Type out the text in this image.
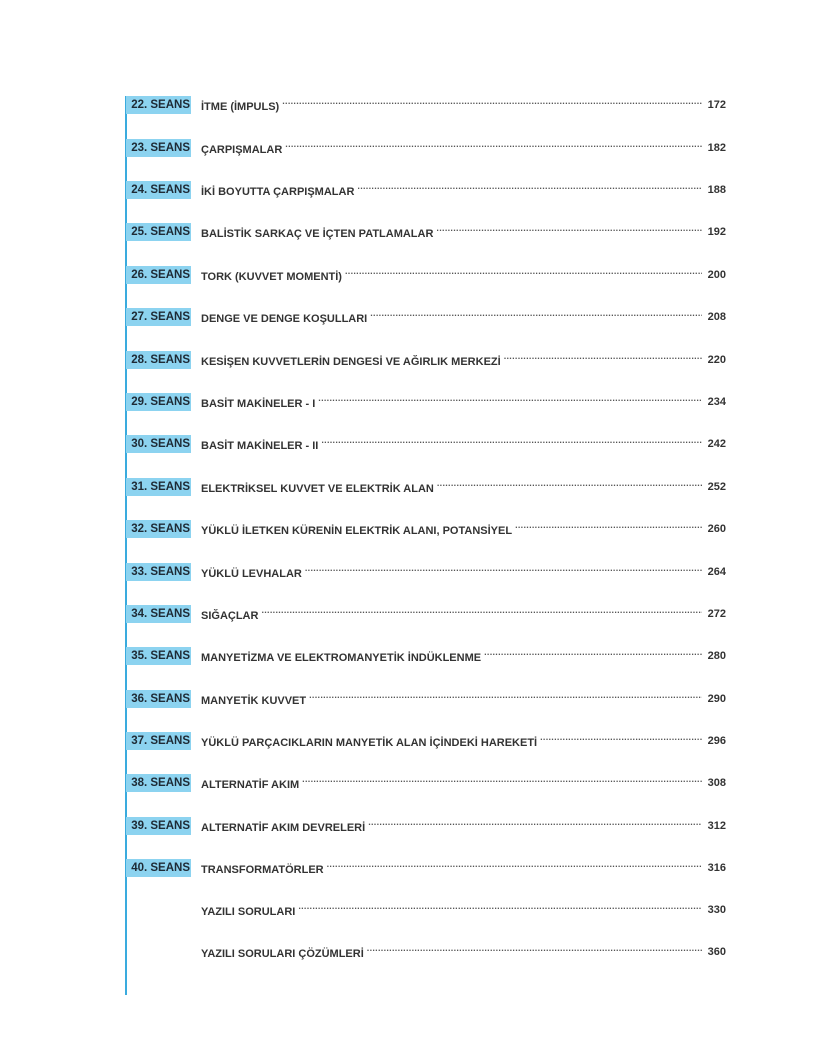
22. SEANS İTME (İMPULS) .....	172
23. SEANS ÇARPIŞMALAR .....	182
24. SEANS İKİ BOYUTTA ÇARPIŞMALAR .....	188
25. SEANS BALİSTİK SARKAÇ VE İÇTEN PATLAMALAR .....	192
26. SEANS TORK (KUVVET MOMENTİ) .....	200
27. SEANS DENGE VE DENGE KOŞULLARI .....	208
28. SEANS KESİŞEN KUVVETLERİN DENGESİ VE AĞIRLIK MERKEZİ .....	220
29. SEANS BASİT MAKİNELER - I .....	234
30. SEANS BASİT MAKİNELER - II .....	242
31. SEANS ELEKTRİKSEL KUVVET VE ELEKTRİK ALAN .....	252
32. SEANS YÜKLÜ İLETKEN KÜRENİN ELEKTRİK ALANI, POTANSİYEL .....	260
33. SEANS YÜKLÜ LEVHALAR .....	264
34. SEANS SIĞAÇLAR .....	272
35. SEANS MANYETİZMA VE ELEKTROMANYETİK İNDÜKLENME .....	280
36. SEANS MANYETİK KUVVET .....	290
37. SEANS YÜKLÜ PARÇACIKLARIN MANYETİK ALAN İÇİNDEKİ HAREKETİ .....	296
38. SEANS ALTERNATİF AKIM .....	308
39. SEANS ALTERNATİF AKIM DEVRELERİ .....	312
40. SEANS TRANSFORMATÖRLER .....	316
YAZILI SORULARI .....	330
YAZILI SORULARI ÇÖZÜMLERİ .....	360
